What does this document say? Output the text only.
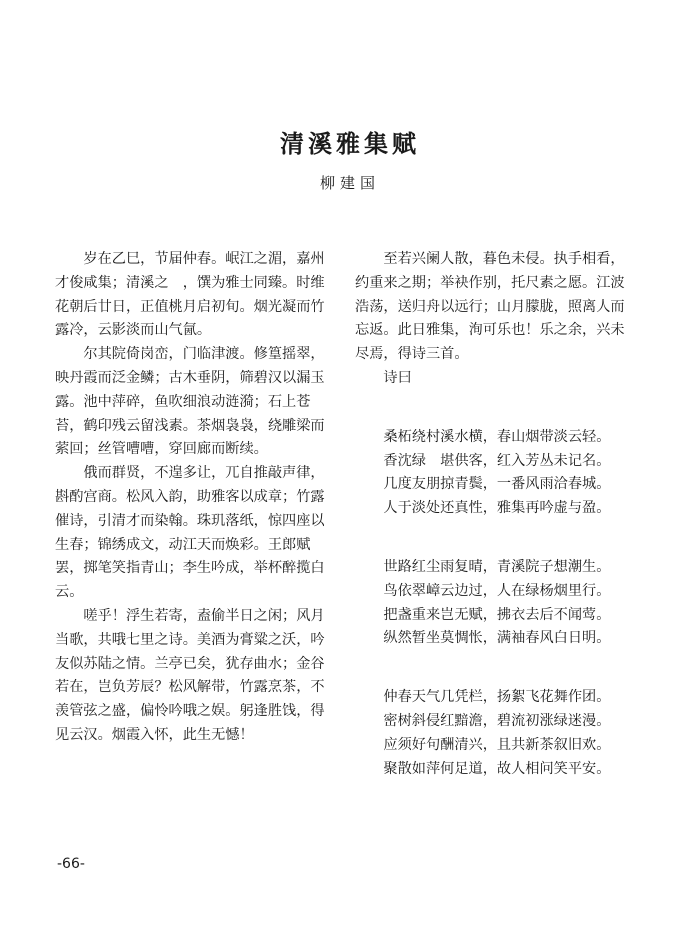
清溪雅集赋
柳建国

岁在乙巳，节届仲春。岷江之湄，嘉州才俊咸集；清溪之　，馔为雅士同臻。时维花朝后廿日，正值桃月启初旬。烟光凝而竹露冷，云影淡而山气氤。

尔其院倚岗峦，门临津渡。修篁摇翠，映丹霞而泛金鳞；古木垂阴，筛碧汉以漏玉露。池中萍碎，鱼吹细浪动涟漪；石上苍苔，鹤印残云留浅素。茶烟袅袅，绕雕梁而萦回；丝管嘈嘈，穿回廊而断续。

俄而群贤，不遑多让，兀自推敲声律，斟酌宫商。松风入韵，助雅客以成章；竹露催诗，引清才而染翰。珠玑落纸，惊四座以生春；锦绣成文，动江天而焕彩。王郎赋罢，掷笔笑指青山；李生吟成，举杯醉揽白云。

嗟乎！浮生若寄，盍偷半日之闲；风月当歌，共哦七里之诗。美酒为膏粱之沃，吟友似苏陆之情。兰亭已矣，犹存曲水；金谷若在，岂负芳辰？松风解带，竹露烹茶，不羡管弦之盛，偏怜吟哦之娱。躬逢胜饯，得见云汉。烟霞入怀，此生无憾！

至若兴阑人散，暮色未侵。执手相看，约重来之期；举袂作别，托尺素之愿。江波浩荡，送归舟以远行；山月朦胧，照离人而忘返。此日雅集，洵可乐也！乐之余，兴未尽焉，得诗三首。

诗曰
桑柘绕村溪水横，春山烟带淡云轻。
香沈绿　堪供客，红入芳丛未记名。
几度友朋掠青鬓，一番风雨洽春城。
人于淡处还真性，雅集再吟虚与盈。
世路红尘雨复晴，青溪院子想潮生。
鸟依翠嶂云边过，人在绿杨烟里行。
把盏重来岂无赋，拂衣去后不闻莺。
纵然暂坐莫惆怅，满袖春风白日明。
仲春天气几凭栏，扬絮飞花舞作团。
密树斜侵红黯澹，碧流初涨绿迷漫。
应须好句酬清兴，且共新茶叙旧欢。
聚散如萍何足道，故人相问笑平安。
-66-
